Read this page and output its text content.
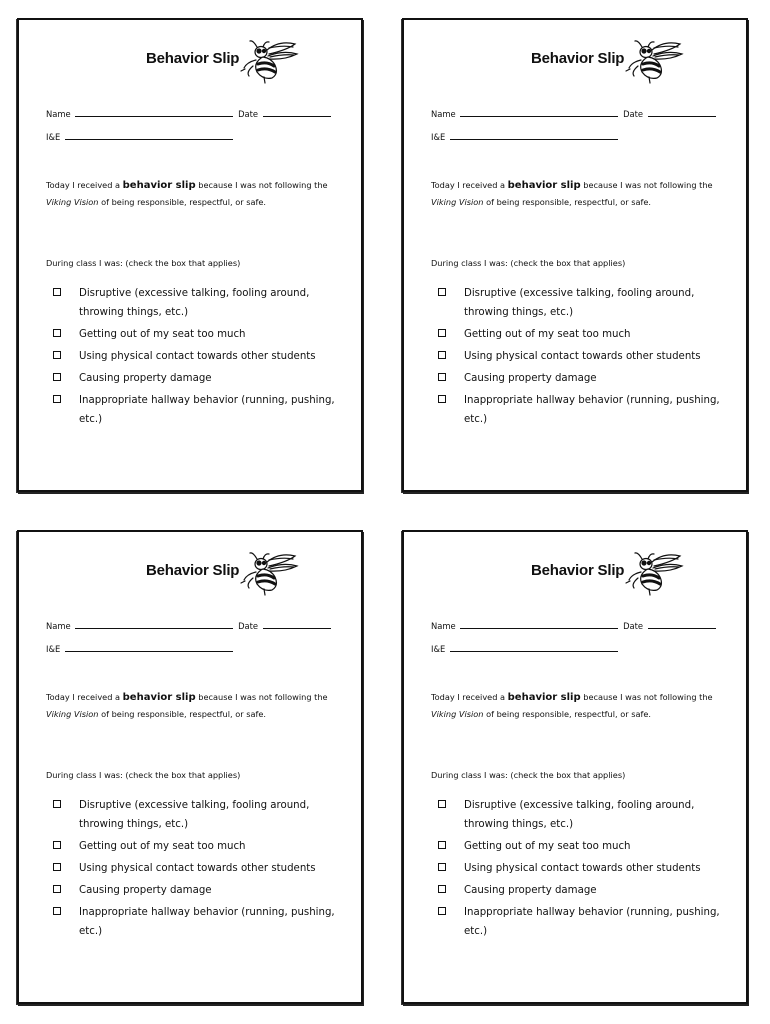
Behavior Slip
Name	Date
I&E
Today I received a behavior slip because I was not following the Viking Vision of being responsible, respectful, or safe.
During class I was: (check the box that applies)
Disruptive (excessive talking, fooling around, throwing things, etc.)
Getting out of my seat too much
Using physical contact towards other students
Causing property damage
Inappropriate hallway behavior (running, pushing, etc.)
Behavior Slip
Name	Date
I&E
Today I received a behavior slip because I was not following the Viking Vision of being responsible, respectful, or safe.
During class I was: (check the box that applies)
Disruptive (excessive talking, fooling around, throwing things, etc.)
Getting out of my seat too much
Using physical contact towards other students
Causing property damage
Inappropriate hallway behavior (running, pushing, etc.)
Behavior Slip
Name	Date
I&E
Today I received a behavior slip because I was not following the Viking Vision of being responsible, respectful, or safe.
During class I was: (check the box that applies)
Disruptive (excessive talking, fooling around, throwing things, etc.)
Getting out of my seat too much
Using physical contact towards other students
Causing property damage
Inappropriate hallway behavior (running, pushing, etc.)
Behavior Slip
Name	Date
I&E
Today I received a behavior slip because I was not following the Viking Vision of being responsible, respectful, or safe.
During class I was: (check the box that applies)
Disruptive (excessive talking, fooling around, throwing things, etc.)
Getting out of my seat too much
Using physical contact towards other students
Causing property damage
Inappropriate hallway behavior (running, pushing, etc.)
